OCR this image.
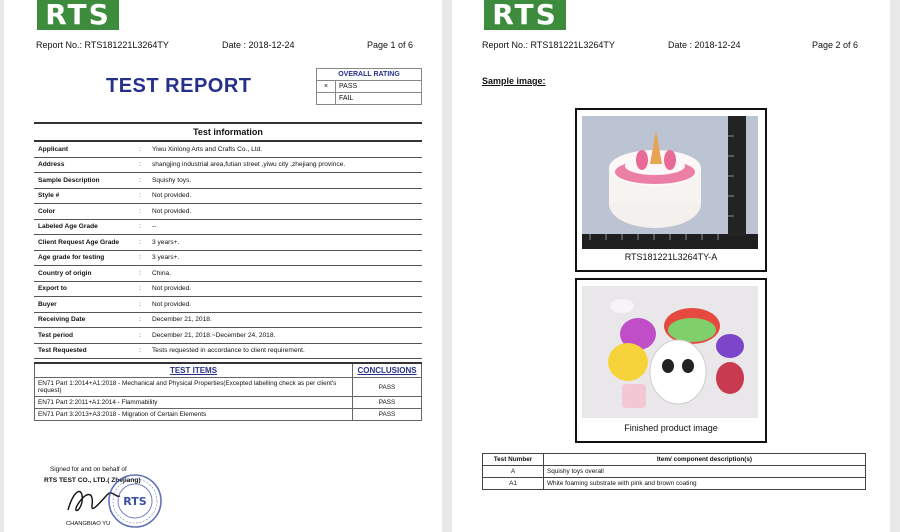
RTS
Report No.: RTS181221L3264TY	Date : 2018-12-24	Page 1 of 6
TEST REPORT
OVERALL RATING	
×	PASS
	FAIL
Test information		
Applicant	:	Yiwu Xinlong Arts and Crafts Co., Ltd.
Address	:	shangjing industrial area,futian street ,yiwu city ,zhejiang province.
Sample Description	:	Squishy toys.
Style #	:	Not provided.
Color	:	Not provided.
Labeled Age Grade	:	--
Client Request Age Grade	:	3 years+.
Age grade for testing	:	3 years+.
Country of origin	:	China.
Export to	:	Not provided.
Buyer	:	Not provided.
Receiving Date	:	December 21, 2018.
Test period	:	December 21, 2018.~December 24, 2018.
Test Requested	:	Tests requested in accordance to client requirement.
TEST ITEMS	CONCLUSIONS
EN71 Part 1:2014+A1:2018 - Mechanical and Physical Properties(Excepted labelling check as per client's request)	PASS
EN71 Part 2:2011+A1:2014 - Flammability	PASS
EN71 Part 3:2013+A3:2018 - Migration of Certain Elements	PASS
Signed for and on behalf of
RTS TEST CO., LTD.( Zhejiang)
RTS
CHANGBIAO YU
RTS
Report No.: RTS181221L3264TY	Date : 2018-12-24	Page 2 of 6
Sample image:
RTS181221L3264TY-A
Finished product image
Test Number	Item/ component description(s)
A	Squishy toys overall
A1	White foaming substrate with pink and brown coating
